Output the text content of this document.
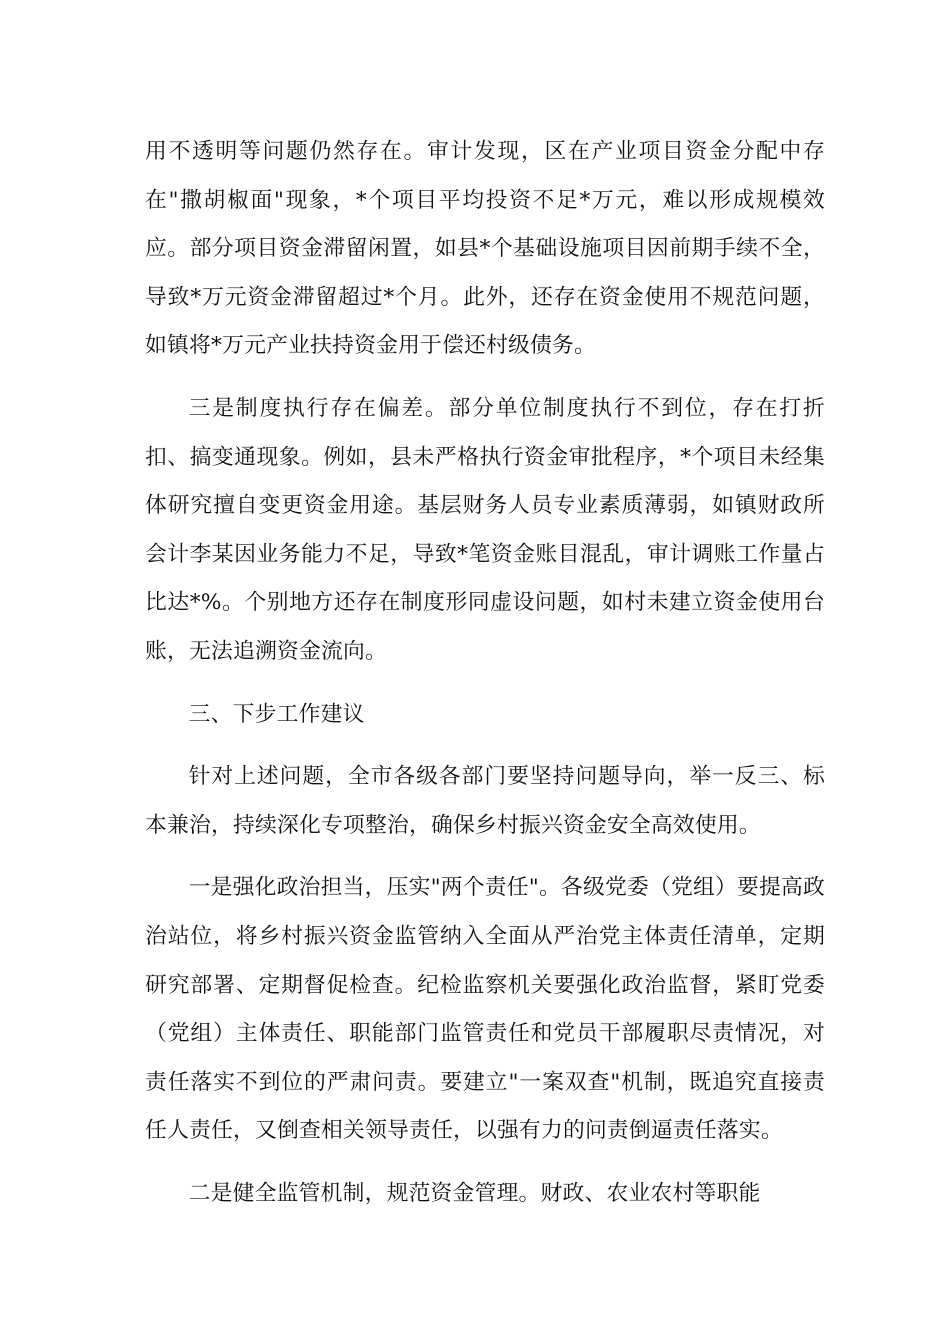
用不透明等问题仍然存在。审计发现，区在产业项目资金分配中存在"撒胡椒面"现象，*个项目平均投资不足*万元，难以形成规模效应。部分项目资金滞留闲置，如县*个基础设施项目因前期手续不全，导致*万元资金滞留超过*个月。此外，还存在资金使用不规范问题，如镇将*万元产业扶持资金用于偿还村级债务。

三是制度执行存在偏差。部分单位制度执行不到位，存在打折扣、搞变通现象。例如，县未严格执行资金审批程序，*个项目未经集体研究擅自变更资金用途。基层财务人员专业素质薄弱，如镇财政所会计李某因业务能力不足，导致*笔资金账目混乱，审计调账工作量占比达*%。个别地方还存在制度形同虚设问题，如村未建立资金使用台账，无法追溯资金流向。

三、下步工作建议

针对上述问题，全市各级各部门要坚持问题导向，举一反三、标本兼治，持续深化专项整治，确保乡村振兴资金安全高效使用。

一是强化政治担当，压实"两个责任"。各级党委（党组）要提高政治站位，将乡村振兴资金监管纳入全面从严治党主体责任清单，定期研究部署、定期督促检查。纪检监察机关要强化政治监督，紧盯党委（党组）主体责任、职能部门监管责任和党员干部履职尽责情况，对责任落实不到位的严肃问责。要建立"一案双查"机制，既追究直接责任人责任，又倒查相关领导责任，以强有力的问责倒逼责任落实。

二是健全监管机制，规范资金管理。财政、农业农村等职能
